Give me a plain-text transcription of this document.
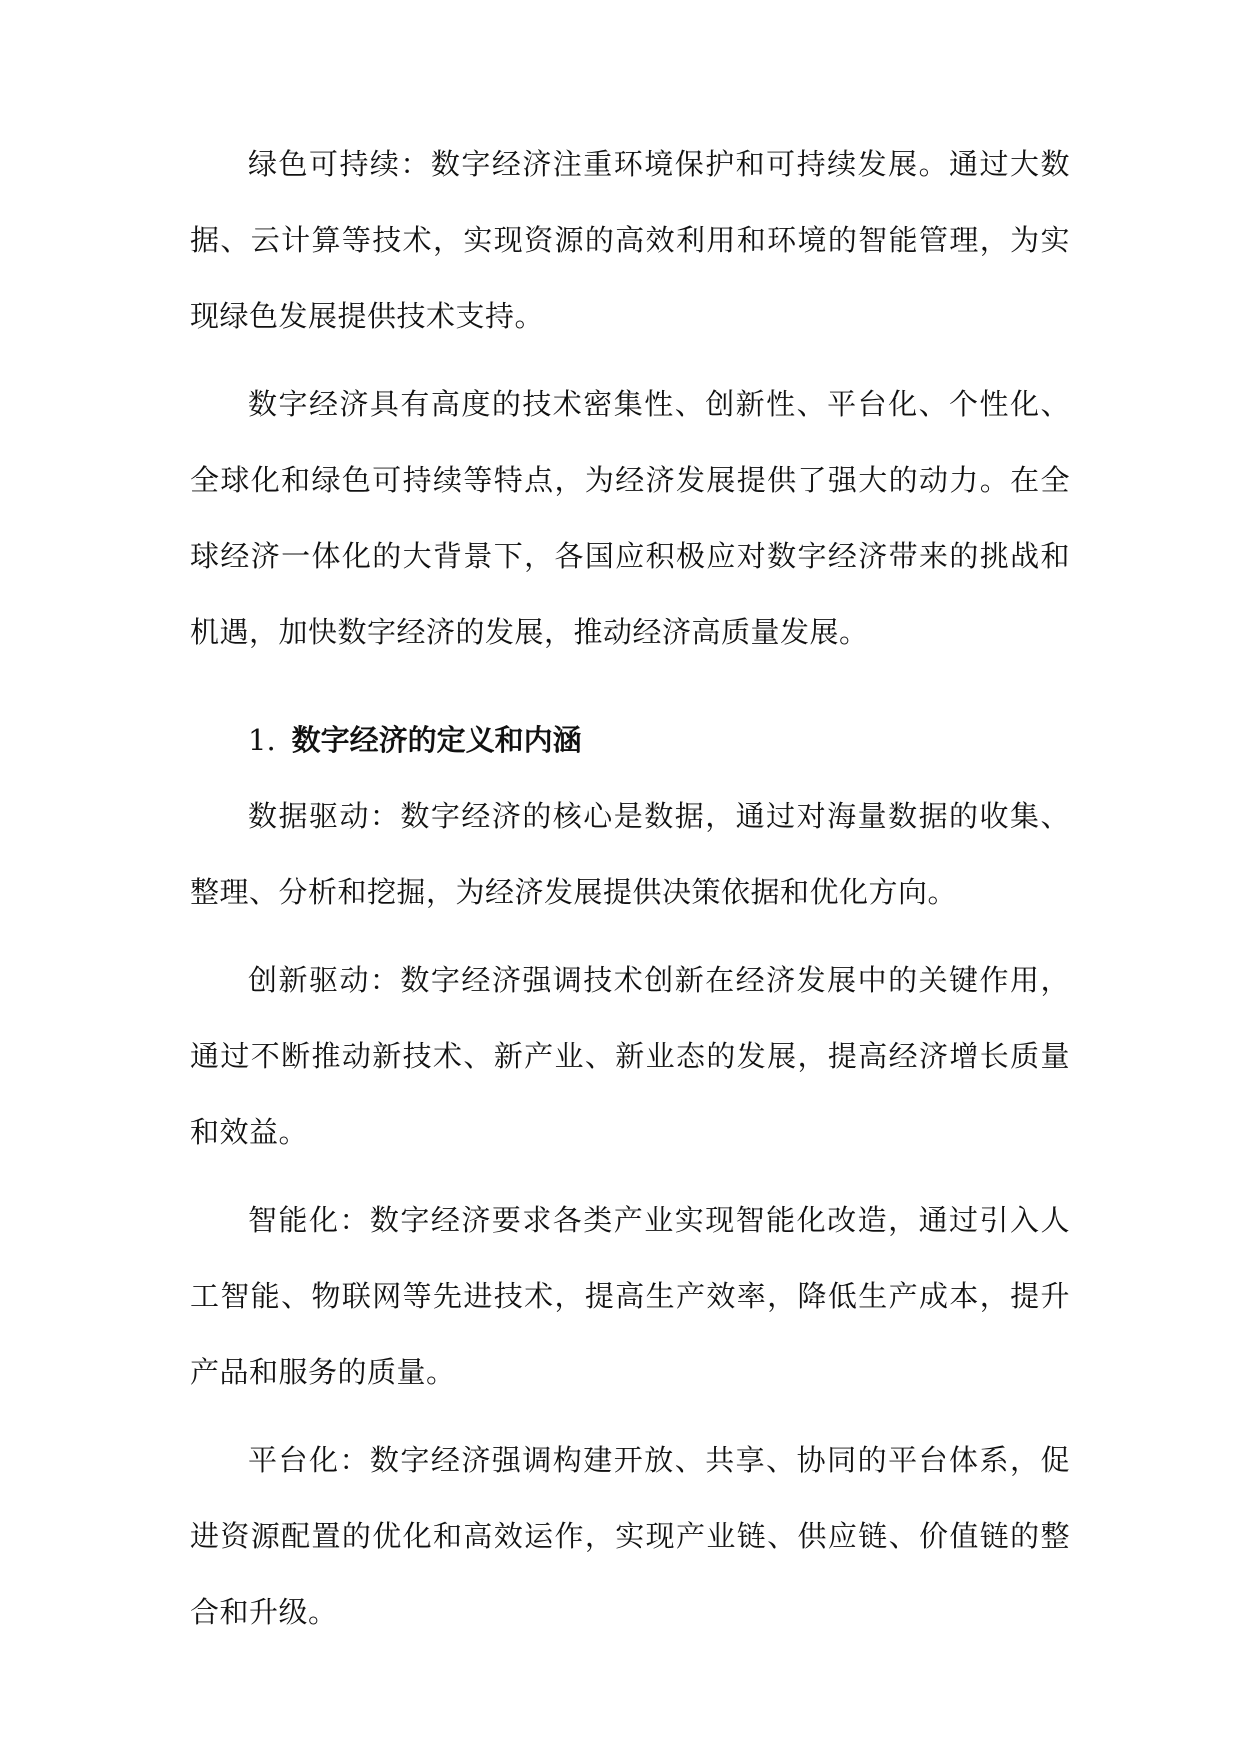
绿色可持续：数字经济注重环境保护和可持续发展。通过大数据、云计算等技术，实现资源的高效利用和环境的智能管理，为实现绿色发展提供技术支持。

数字经济具有高度的技术密集性、创新性、平台化、个性化、全球化和绿色可持续等特点，为经济发展提供了强大的动力。在全球经济一体化的大背景下，各国应积极应对数字经济带来的挑战和机遇，加快数字经济的发展，推动经济高质量发展。

1. 数字经济的定义和内涵

数据驱动：数字经济的核心是数据，通过对海量数据的收集、整理、分析和挖掘，为经济发展提供决策依据和优化方向。

创新驱动：数字经济强调技术创新在经济发展中的关键作用，通过不断推动新技术、新产业、新业态的发展，提高经济增长质量和效益。

智能化：数字经济要求各类产业实现智能化改造，通过引入人工智能、物联网等先进技术，提高生产效率，降低生产成本，提升产品和服务的质量。

平台化：数字经济强调构建开放、共享、协同的平台体系，促进资源配置的优化和高效运作，实现产业链、供应链、价值链的整合和升级。
